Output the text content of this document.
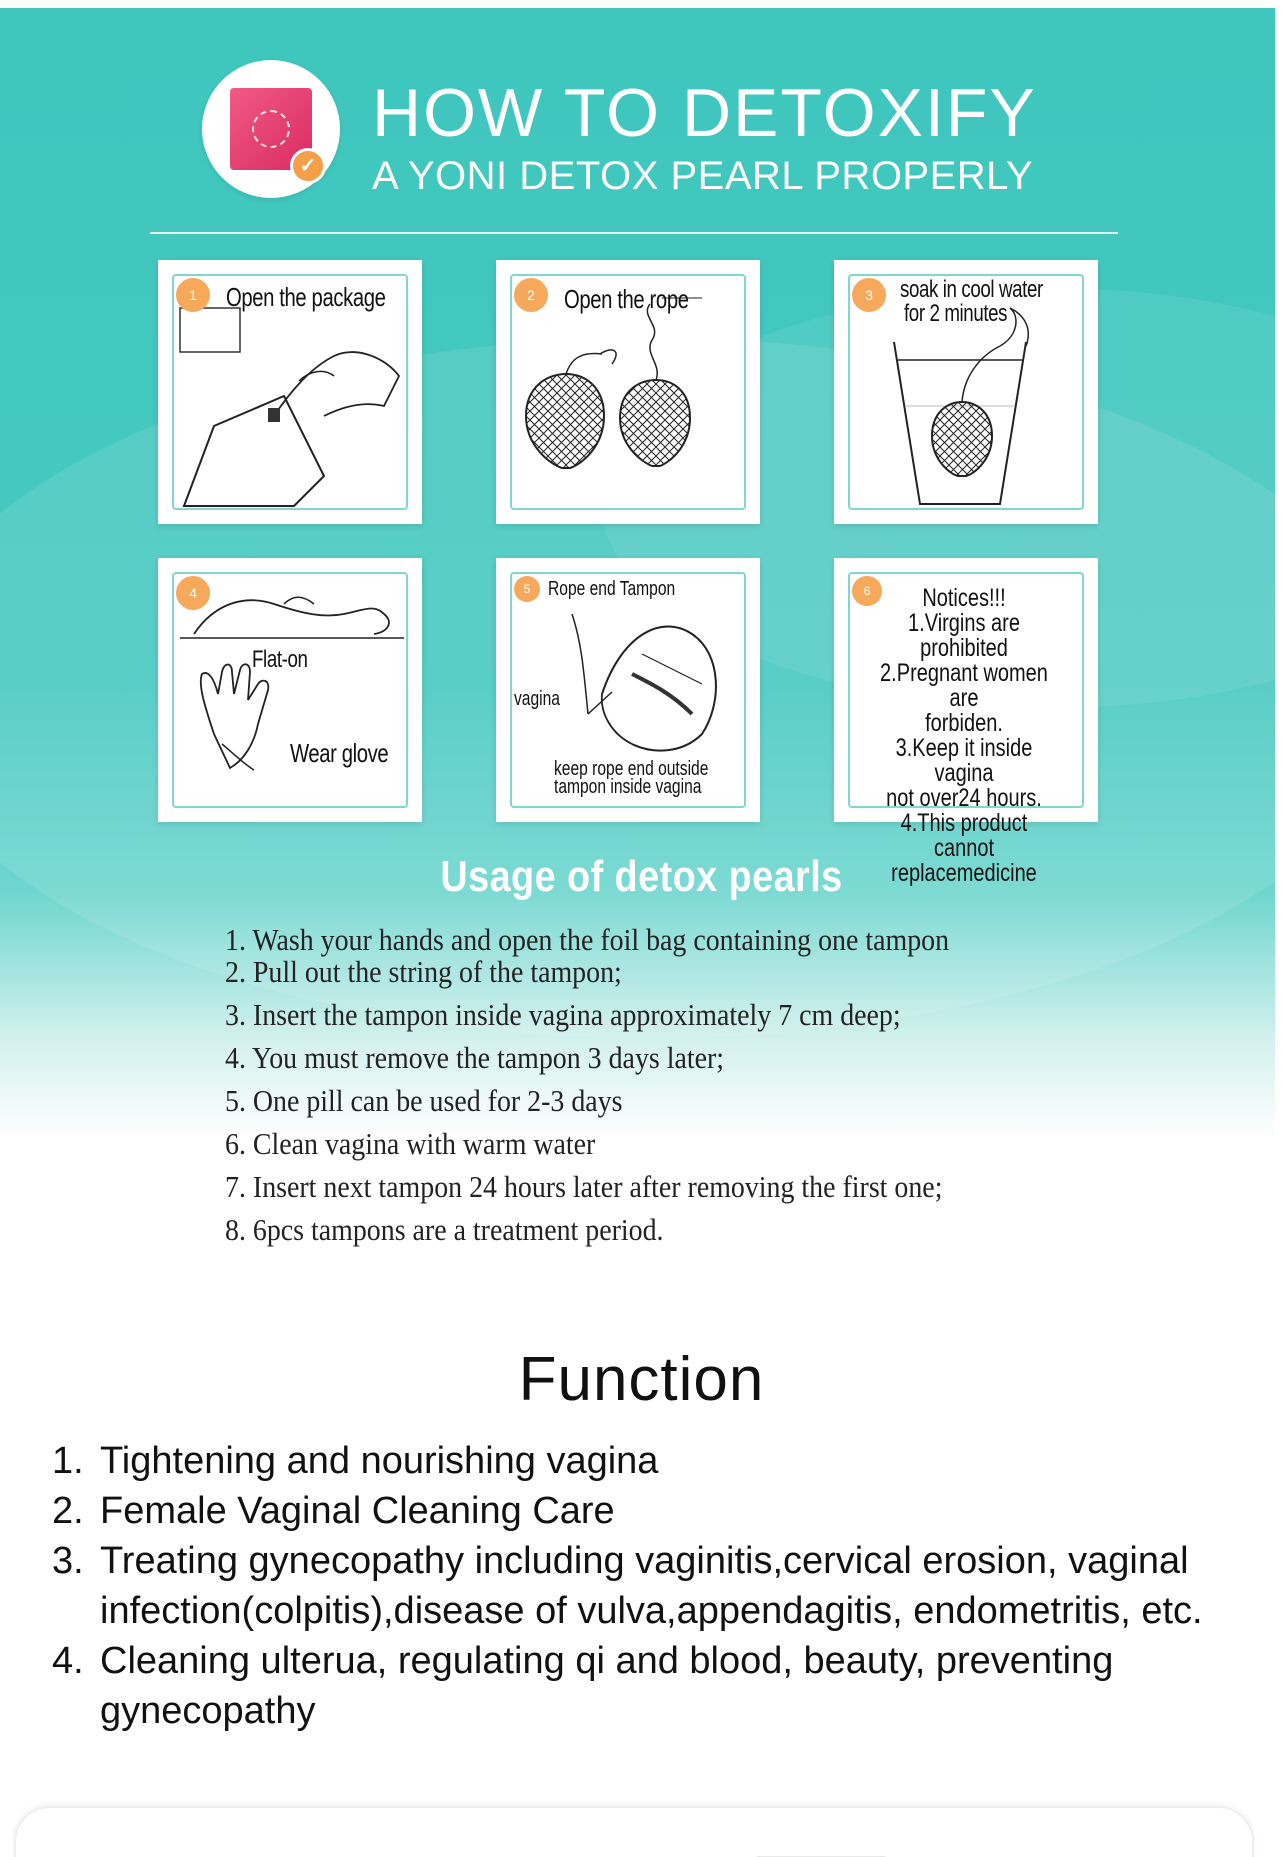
✓
HOW TO DETOXIFY
A YONI DETOX PEARL PROPERLY
1	Open the package	2	Open the rope	3	soak in cool water
for 2 minutes
4
Flat-on
Wear glove
5 Rope end Tampon
vagina
keep rope end outside
tampon inside vagina
6	Notices!!!
1.Virgins are prohibited
2.Pregnant women are
forbiden.
3.Keep it inside vagina
not over24 hours.
4.This product cannot
replacemedicine
Usage of detox pearls
1. Wash your hands and open the foil bag containing one tampon
2. Pull out the string of the tampon;
3. Insert the tampon inside vagina approximately 7 cm deep;
4. You must remove the tampon 3 days later;
5. One pill can be used for 2-3 days
6. Clean vagina with warm water
7. Insert next tampon 24 hours later after removing the first one;
8. 6pcs tampons are a treatment period.
Function
1. Tightening and nourishing vagina
2. Female Vaginal Cleaning Care
3. Treating gynecopathy including vaginitis,cervical erosion, vaginal infection(colpitis),disease of vulva,appendagitis, endometritis, etc.
4. Cleaning ulterua, regulating qi and blood, beauty, preventing gynecopathy
